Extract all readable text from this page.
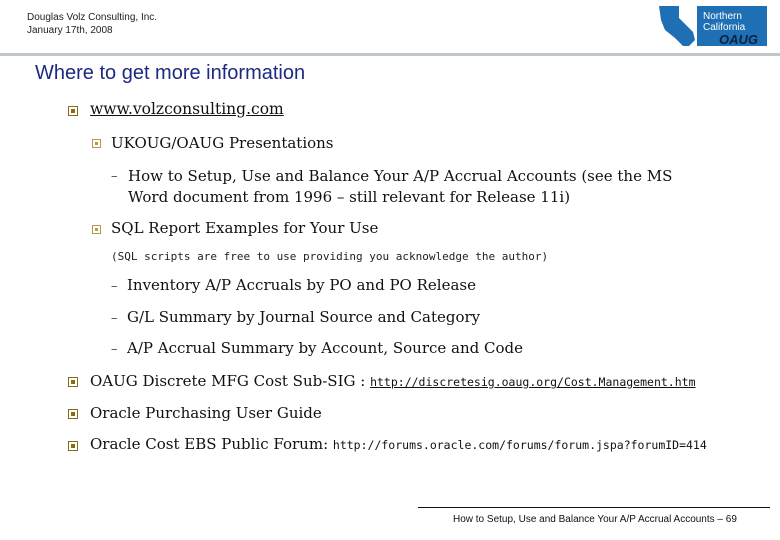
Douglas Volz Consulting, Inc.
January 17th, 2008
Northern
California
OAUG
Where to get more information
www.volzconsulting.com
UKOUG/OAUG Presentations
– How to Setup, Use and Balance Your A/P Accrual Accounts (see the MS
Word document from 1996 – still relevant for Release 11i)
SQL Report Examples for Your Use
(SQL scripts are free to use providing you acknowledge the author)
– Inventory A/P Accruals by PO and PO Release
– G/L Summary by Journal Source and Category
– A/P Accrual Summary by Account, Source and Code
OAUG Discrete MFG Cost Sub-SIG : http://discretesig.oaug.org/Cost.Management.htm
Oracle Purchasing User Guide
Oracle Cost EBS Public Forum: http://forums.oracle.com/forums/forum.jspa?forumID=414
How to Setup, Use and Balance Your A/P Accrual Accounts – 69
